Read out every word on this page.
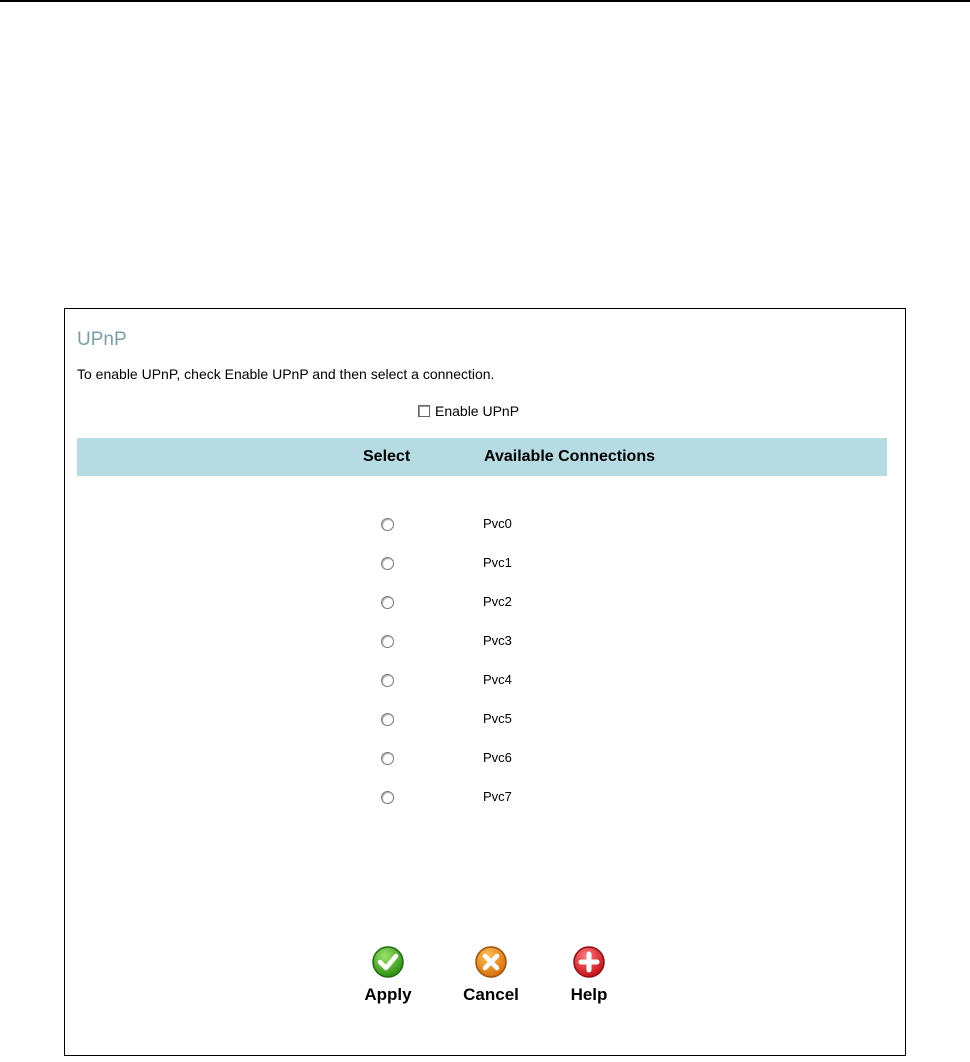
UPnP
To enable UPnP, check Enable UPnP and then select a connection.
Enable UPnP
Select	Available Connections
Pvc0
Pvc1
Pvc2
Pvc3
Pvc4
Pvc5
Pvc6
Pvc7
Apply	Cancel	Help
